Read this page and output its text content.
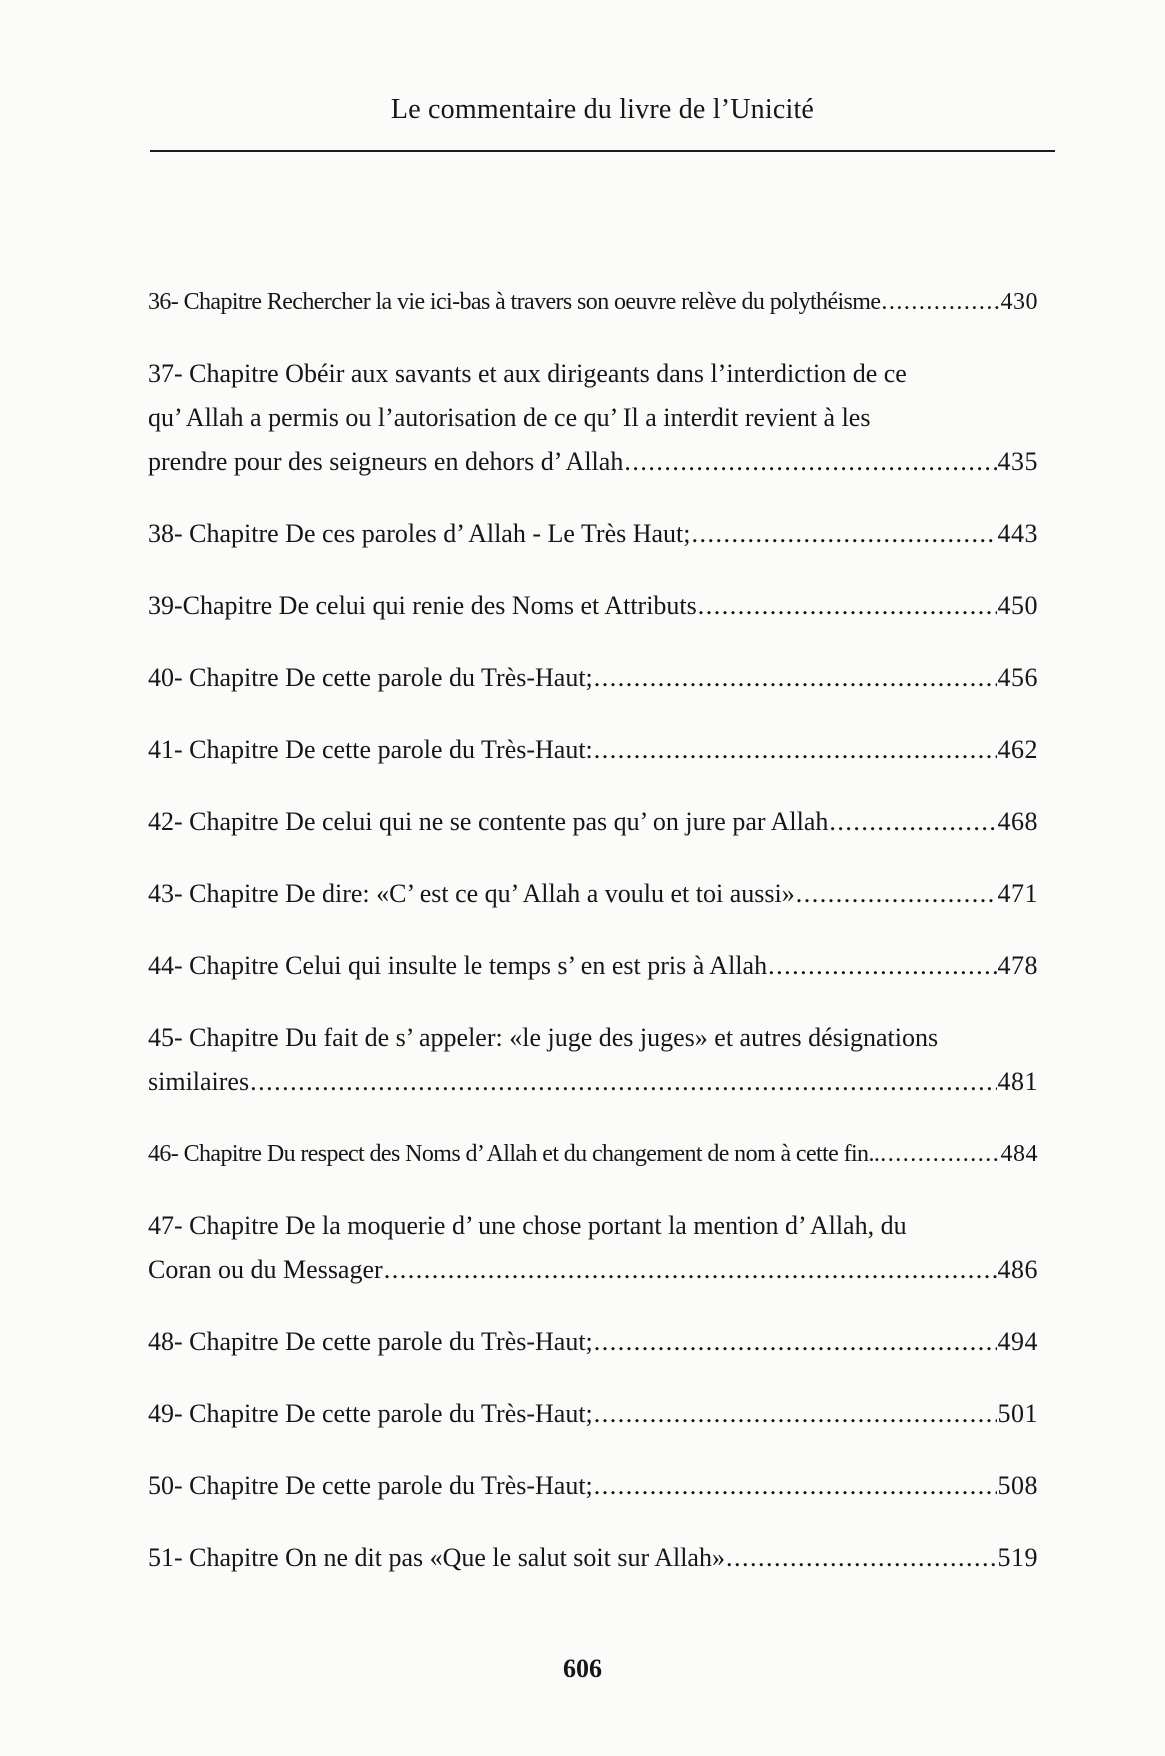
Le commentaire du livre de l’Unicité
36- Chapitre Rechercher la vie ici-bas à travers son oeuvre relève du polythéisme .....	430
37- Chapitre Obéir aux savants et aux dirigeants dans l’interdiction de ce
qu’ Allah a permis ou l’autorisation de ce qu’ Il a interdit revient à les
prendre pour des seigneurs en dehors d’ Allah .....	435
38- Chapitre De ces paroles d’ Allah - Le Très Haut; .....	443
39-Chapitre De celui qui renie des Noms et Attributs .....	450
40- Chapitre De cette parole du Très-Haut; .....	456
41- Chapitre De cette parole du Très-Haut: .....	462
42- Chapitre De celui qui ne se contente pas qu’ on jure par Allah .....	468
43- Chapitre De dire: «C’ est ce qu’ Allah a voulu et toi aussi» .....	471
44- Chapitre Celui qui insulte le temps s’ en est pris à Allah .....	478
45- Chapitre Du fait de s’ appeler: «le juge des juges» et autres désignations
similaires .....	481
46- Chapitre Du respect des Noms d’ Allah et du changement de nom à cette fin.. .....	484
47- Chapitre De la moquerie d’ une chose portant la mention d’ Allah, du
Coran ou du Messager .....	486
48- Chapitre De cette parole du Très-Haut; .....	494
49- Chapitre De cette parole du Très-Haut; .....	501
50- Chapitre De cette parole du Très-Haut; .....	508
51- Chapitre On ne dit pas «Que le salut soit sur Allah» .....	519
606
